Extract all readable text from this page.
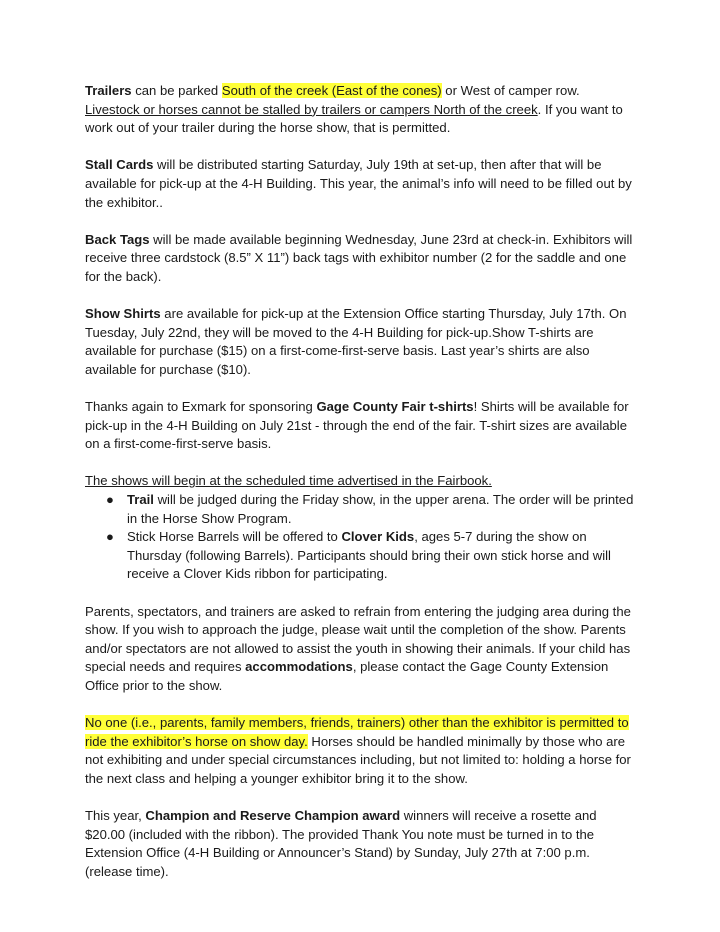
Trailers can be parked South of the creek (East of the cones) or West of camper row. Livestock or horses cannot be stalled by trailers or campers North of the creek. If you want to work out of your trailer during the horse show, that is permitted.

Stall Cards will be distributed starting Saturday, July 19th at set-up, then after that will be available for pick-up at the 4-H Building. This year, the animal’s info will need to be filled out by the exhibitor..

Back Tags will be made available beginning Wednesday, June 23rd at check-in. Exhibitors will receive three cardstock (8.5” X 11”) back tags with exhibitor number (2 for the saddle and one for the back).

Show Shirts are available for pick-up at the Extension Office starting Thursday, July 17th. On Tuesday, July 22nd, they will be moved to the 4-H Building for pick-up.Show T-shirts are available for purchase ($15) on a first-come-first-serve basis. Last year’s shirts are also available for purchase ($10).

Thanks again to Exmark for sponsoring Gage County Fair t-shirts! Shirts will be available for pick-up in the 4-H Building on July 21st - through the end of the fair. T-shirt sizes are available on a first-come-first-serve basis.

The shows will begin at the scheduled time advertised in the Fairbook.

● Trail will be judged during the Friday show, in the upper arena. The order will be printed in the Horse Show Program.
● Stick Horse Barrels will be offered to Clover Kids, ages 5-7 during the show on Thursday (following Barrels). Participants should bring their own stick horse and will receive a Clover Kids ribbon for participating.

Parents, spectators, and trainers are asked to refrain from entering the judging area during the show. If you wish to approach the judge, please wait until the completion of the show. Parents and/or spectators are not allowed to assist the youth in showing their animals. If your child has special needs and requires accommodations, please contact the Gage County Extension Office prior to the show.

No one (i.e., parents, family members, friends, trainers) other than the exhibitor is permitted to ride the exhibitor’s horse on show day. Horses should be handled minimally by those who are not exhibiting and under special circumstances including, but not limited to: holding a horse for the next class and helping a younger exhibitor bring it to the show.

This year, Champion and Reserve Champion award winners will receive a rosette and $20.00 (included with the ribbon). The provided Thank You note must be turned in to the Extension Office (4-H Building or Announcer’s Stand) by Sunday, July 27th at 7:00 p.m. (release time).
